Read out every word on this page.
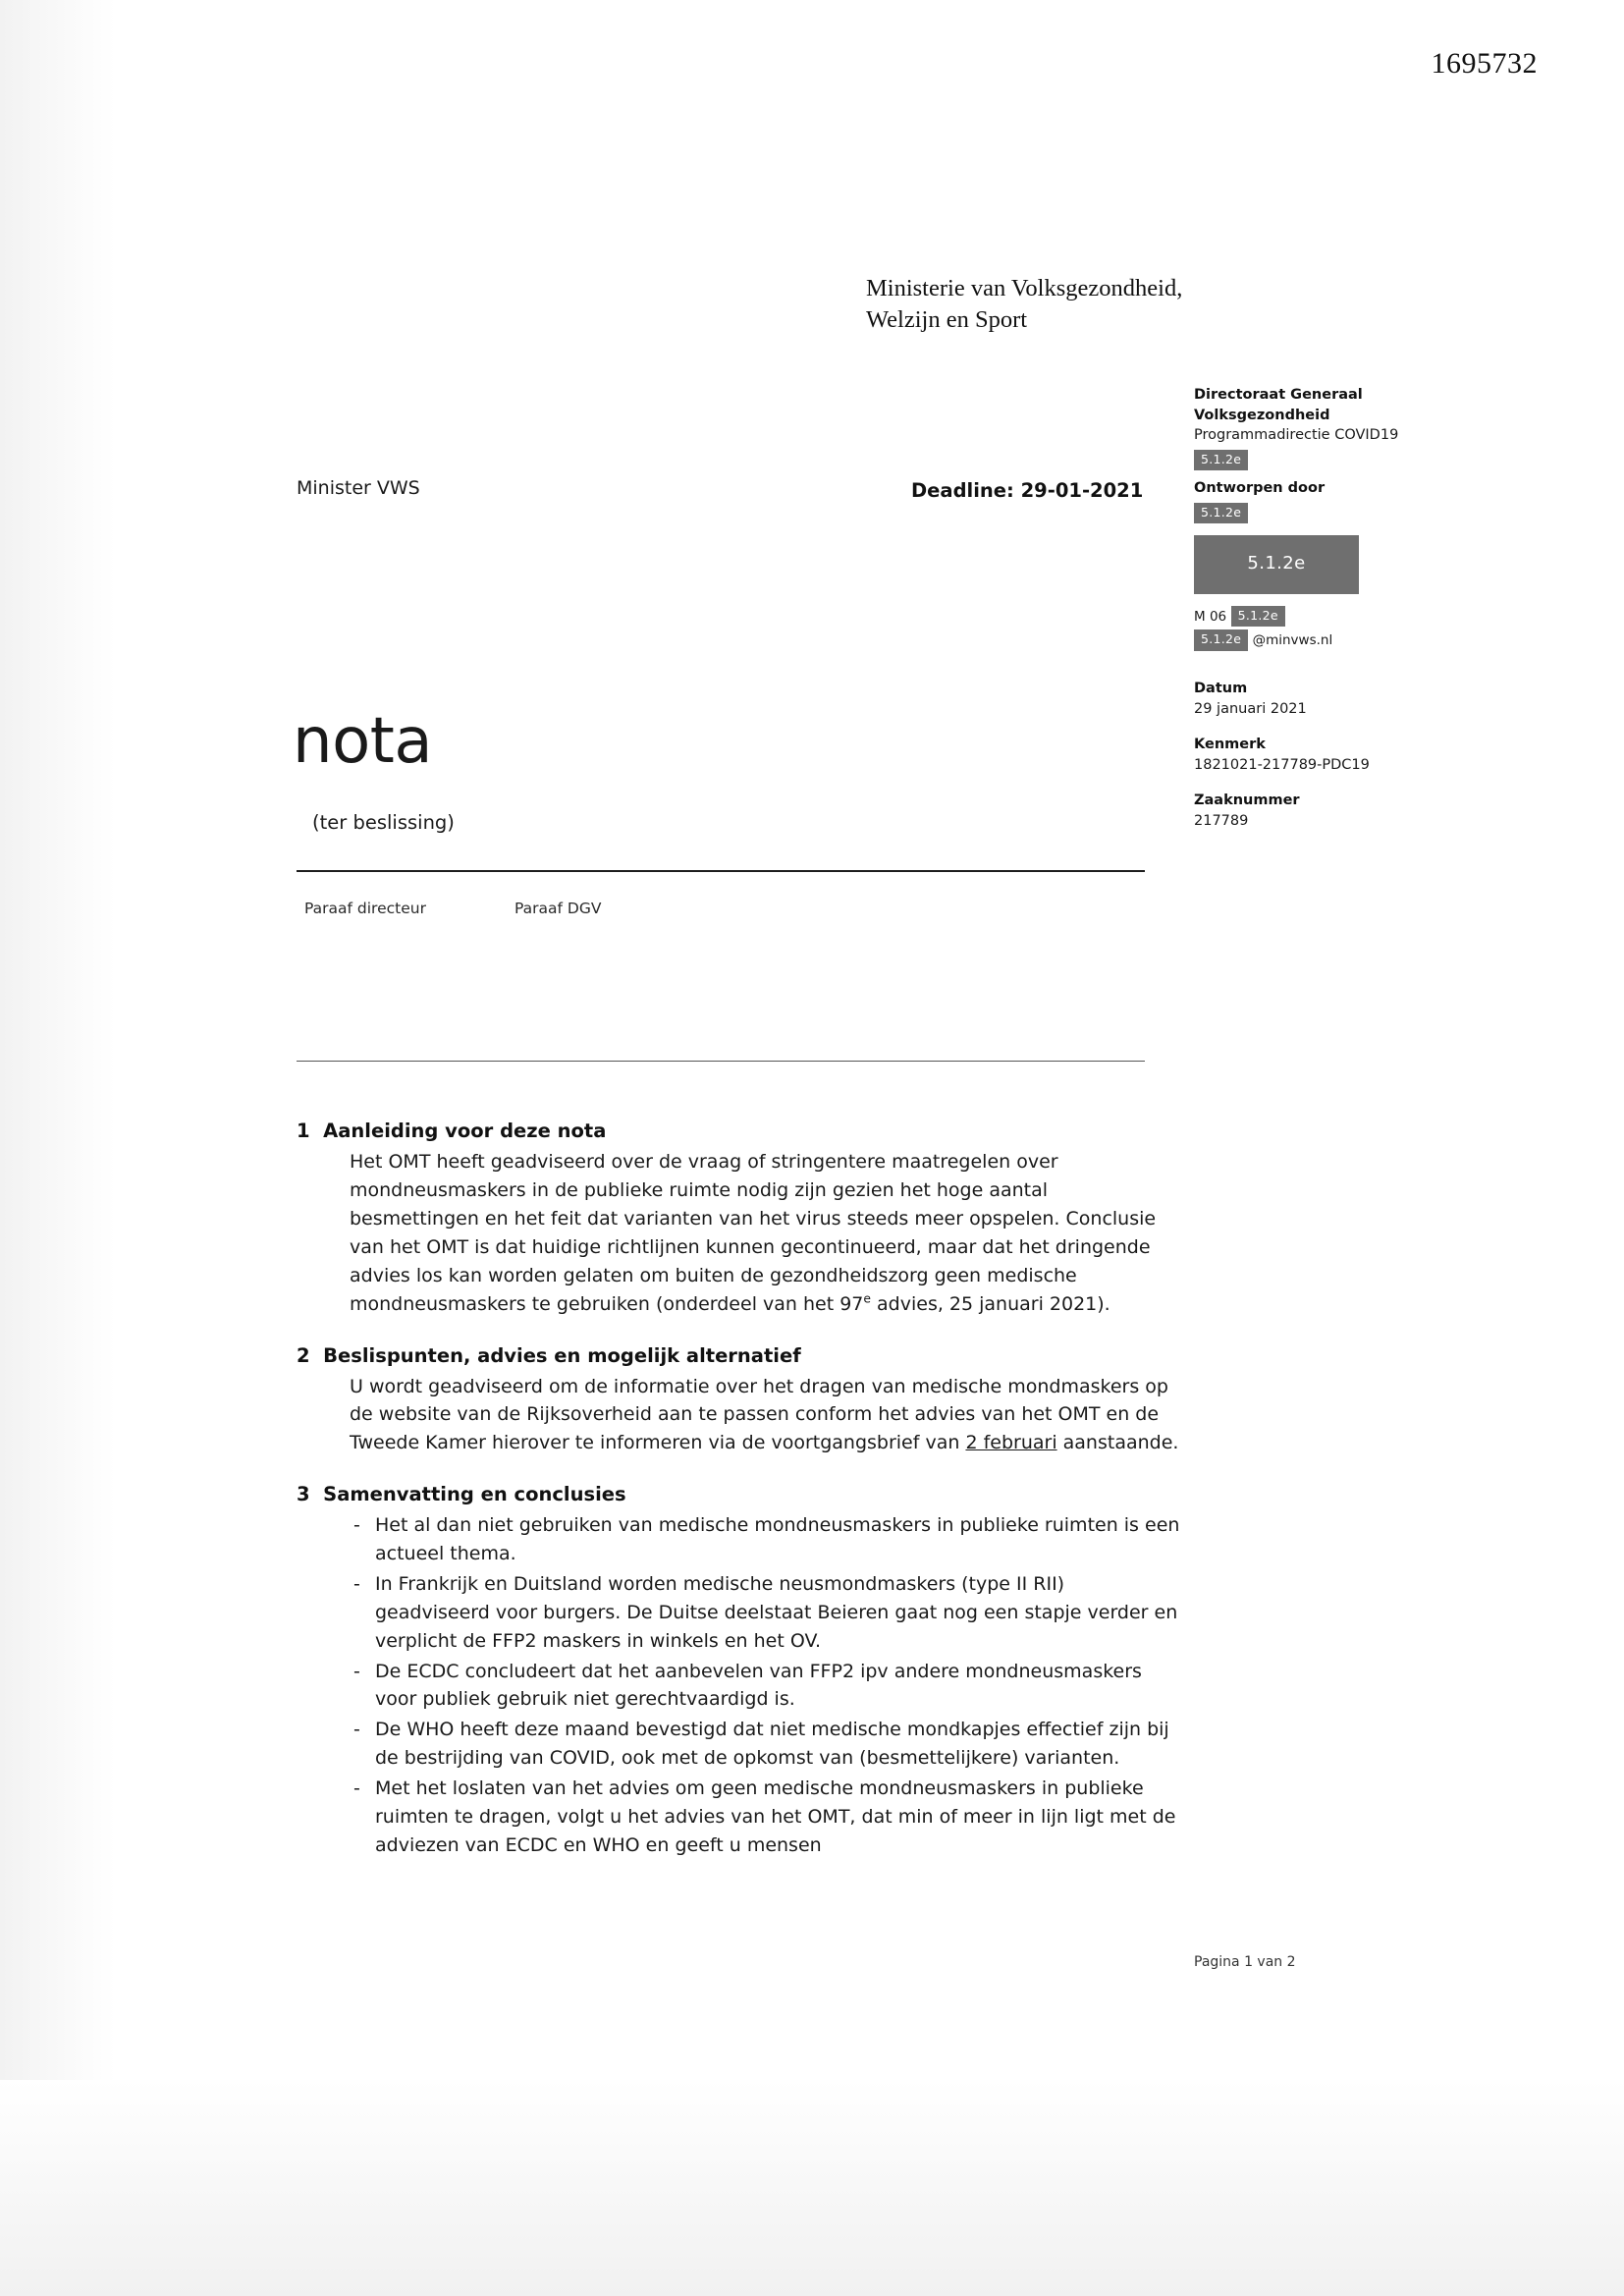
1695732
Ministerie van Volksgezondheid,
Welzijn en Sport
Minister VWS	Deadline: 29-01-2021
nota
(ter beslissing)
Paraaf directeur	Paraaf DGV
Directoraat Generaal
Volksgezondheid
Programmadirectie COVID19
5.1.2e
Ontworpen door
5.1.2e
5.1.2e
M 06 5.1.2e
5.1.2e @minvws.nl
Datum
29 januari 2021
Kenmerk
1821021-217789-PDC19
Zaaknummer
217789
1  Aanleiding voor deze nota
Het OMT heeft geadviseerd over de vraag of stringentere maatregelen over mondneusmaskers in de publieke ruimte nodig zijn gezien het hoge aantal besmettingen en het feit dat varianten van het virus steeds meer opspelen. Conclusie van het OMT is dat huidige richtlijnen kunnen gecontinueerd, maar dat het dringende advies los kan worden gelaten om buiten de gezondheidszorg geen medische mondneusmaskers te gebruiken (onderdeel van het 97e advies, 25 januari 2021).
2  Beslispunten, advies en mogelijk alternatief
U wordt geadviseerd om de informatie over het dragen van medische mondmaskers op de website van de Rijksoverheid aan te passen conform het advies van het OMT en de Tweede Kamer hierover te informeren via de voortgangsbrief van 2 februari aanstaande.
3  Samenvatting en conclusies
- Het al dan niet gebruiken van medische mondneusmaskers in publieke ruimten is een actueel thema.
- In Frankrijk en Duitsland worden medische neusmondmaskers (type II RII) geadviseerd voor burgers. De Duitse deelstaat Beieren gaat nog een stapje verder en verplicht de FFP2 maskers in winkels en het OV.
- De ECDC concludeert dat het aanbevelen van FFP2 ipv andere mondneusmaskers voor publiek gebruik niet gerechtvaardigd is.
- De WHO heeft deze maand bevestigd dat niet medische mondkapjes effectief zijn bij de bestrijding van COVID, ook met de opkomst van (besmettelijkere) varianten.
- Met het loslaten van het advies om geen medische mondneusmaskers in publieke ruimten te dragen, volgt u het advies van het OMT, dat min of meer in lijn ligt met de adviezen van ECDC en WHO en geeft u mensen
Pagina 1 van 2
